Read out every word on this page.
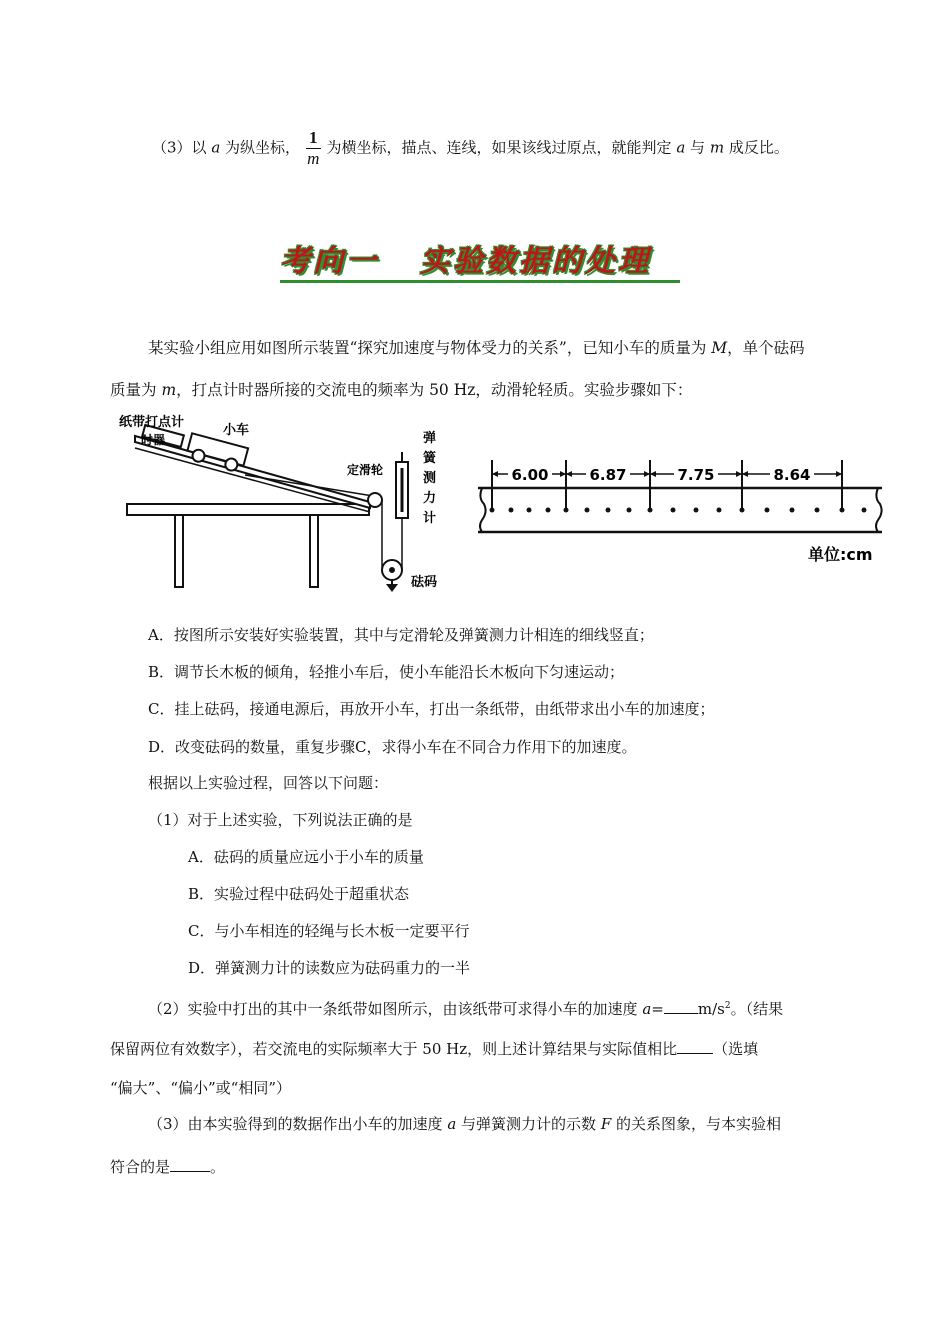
（3）以 a 为纵坐标， $\frac{1}{m}$ 为横坐标，描点、连线，如果该线过原点，就能判定 a 与 m 成反比。
考向一 实验数据的处理
某实验小组应用如图所示装置“探究加速度与物体受力的关系”，已知小车的质量为 M，单个砝码
质量为 m，打点计时器所接的交流电的频率为 50 Hz，动滑轮轻质。实验步骤如下：
纸带打点计
时器
小车
定滑轮
弹
簧
测
力
计
砝码
6.00	6.87	7.75	8.64
单位:cm
A．按图所示安装好实验装置，其中与定滑轮及弹簧测力计相连的细线竖直；
B．调节长木板的倾角，轻推小车后，使小车能沿长木板向下匀速运动；
C．挂上砝码，接通电源后，再放开小车，打出一条纸带，由纸带求出小车的加速度；
D．改变砝码的数量，重复步骤C，求得小车在不同合力作用下的加速度。
根据以上实验过程，回答以下问题：
（1）对于上述实验，下列说法正确的是
A．砝码的质量应远小于小车的质量
B．实验过程中砝码处于超重状态
C．与小车相连的轻绳与长木板一定要平行
D．弹簧测力计的读数应为砝码重力的一半
（2）实验中打出的其中一条纸带如图所示，由该纸带可求得小车的加速度 $a= m/s^2$。（结果
保留两位有效数字），若交流电的实际频率大于 50 Hz，则上述计算结果与实际值相比 （选填
“偏大”、“偏小”或“相同”）
（3）由本实验得到的数据作出小车的加速度 a 与弹簧测力计的示数 F 的关系图象，与本实验相
符合的是	。
